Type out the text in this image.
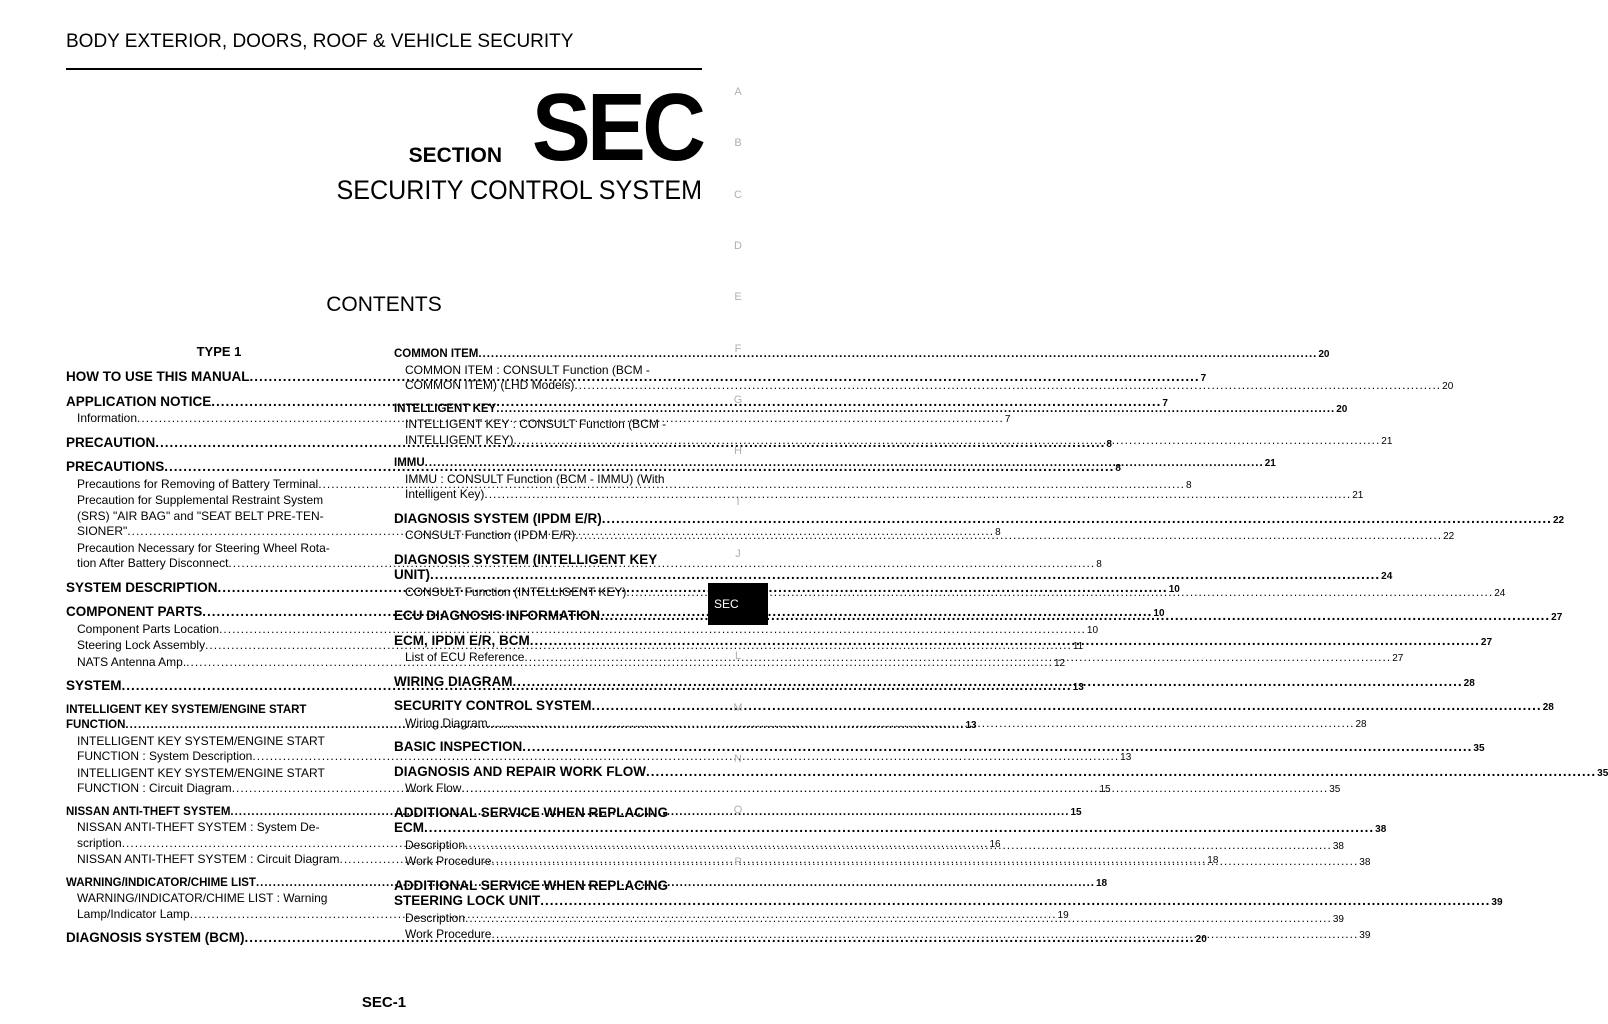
BODY EXTERIOR, DOORS, ROOF & VEHICLE SECURITY
SECTION SEC
SECURITY CONTROL SYSTEM
CONTENTS
TYPE 1
HOW TO USE THIS MANUAL .....	7
APPLICATION NOTICE .....	7
Information .....	7
PRECAUTION .....	8
PRECAUTIONS .....	8
Precautions for Removing of Battery Terminal .....	8
Precaution for Supplemental Restraint System
(SRS) "AIR BAG" and "SEAT BELT PRE-TEN-
SIONER" .....	8
Precaution Necessary for Steering Wheel Rota-
tion After Battery Disconnect .....	8
SYSTEM DESCRIPTION .....	10
COMPONENT PARTS .....	10
Component Parts Location .....	10
Steering Lock Assembly .....	11
NATS Antenna Amp. .....	12
SYSTEM .....	13
INTELLIGENT KEY SYSTEM/ENGINE START
FUNCTION .....	13
INTELLIGENT KEY SYSTEM/ENGINE START
FUNCTION : System Description .....	13
INTELLIGENT KEY SYSTEM/ENGINE START
FUNCTION : Circuit Diagram .....	15
NISSAN ANTI-THEFT SYSTEM .....	15
NISSAN ANTI-THEFT SYSTEM : System De-
scription .....	16
NISSAN ANTI-THEFT SYSTEM : Circuit Diagram .....	18
WARNING/INDICATOR/CHIME LIST .....	18
WARNING/INDICATOR/CHIME LIST : Warning
Lamp/Indicator Lamp .....	19
DIAGNOSIS SYSTEM (BCM) .....	20
COMMON ITEM .....	20
COMMON ITEM : CONSULT Function (BCM -
COMMON ITEM) (LHD Models) .....	20
INTELLIGENT KEY .....	20
INTELLIGENT KEY : CONSULT Function (BCM -
INTELLIGENT KEY) .....	21
IMMU .....	21
IMMU : CONSULT Function (BCM - IMMU) (With
Intelligent Key) .....	21
DIAGNOSIS SYSTEM (IPDM E/R) .....	22
CONSULT Function (IPDM E/R) .....	22
DIAGNOSIS SYSTEM (INTELLIGENT KEY
UNIT) .....	24
CONSULT Function (INTELLIGENT KEY) .....	24
ECU DIAGNOSIS INFORMATION .....	27
ECM, IPDM E/R, BCM .....	27
List of ECU Reference .....	27
WIRING DIAGRAM .....	28
SECURITY CONTROL SYSTEM .....	28
Wiring Diagram .....	28
BASIC INSPECTION .....	35
DIAGNOSIS AND REPAIR WORK FLOW .....	35
Work Flow .....	35
ADDITIONAL SERVICE WHEN REPLACING
ECM .....	38
Description .....	38
Work Procedure .....	38
ADDITIONAL SERVICE WHEN REPLACING
STEERING LOCK UNIT .....	39
Description .....	39
Work Procedure .....	39
A
B
C
D
E
F
G
H
I
J
SEC
L
M
N
O
P
SEC-1
